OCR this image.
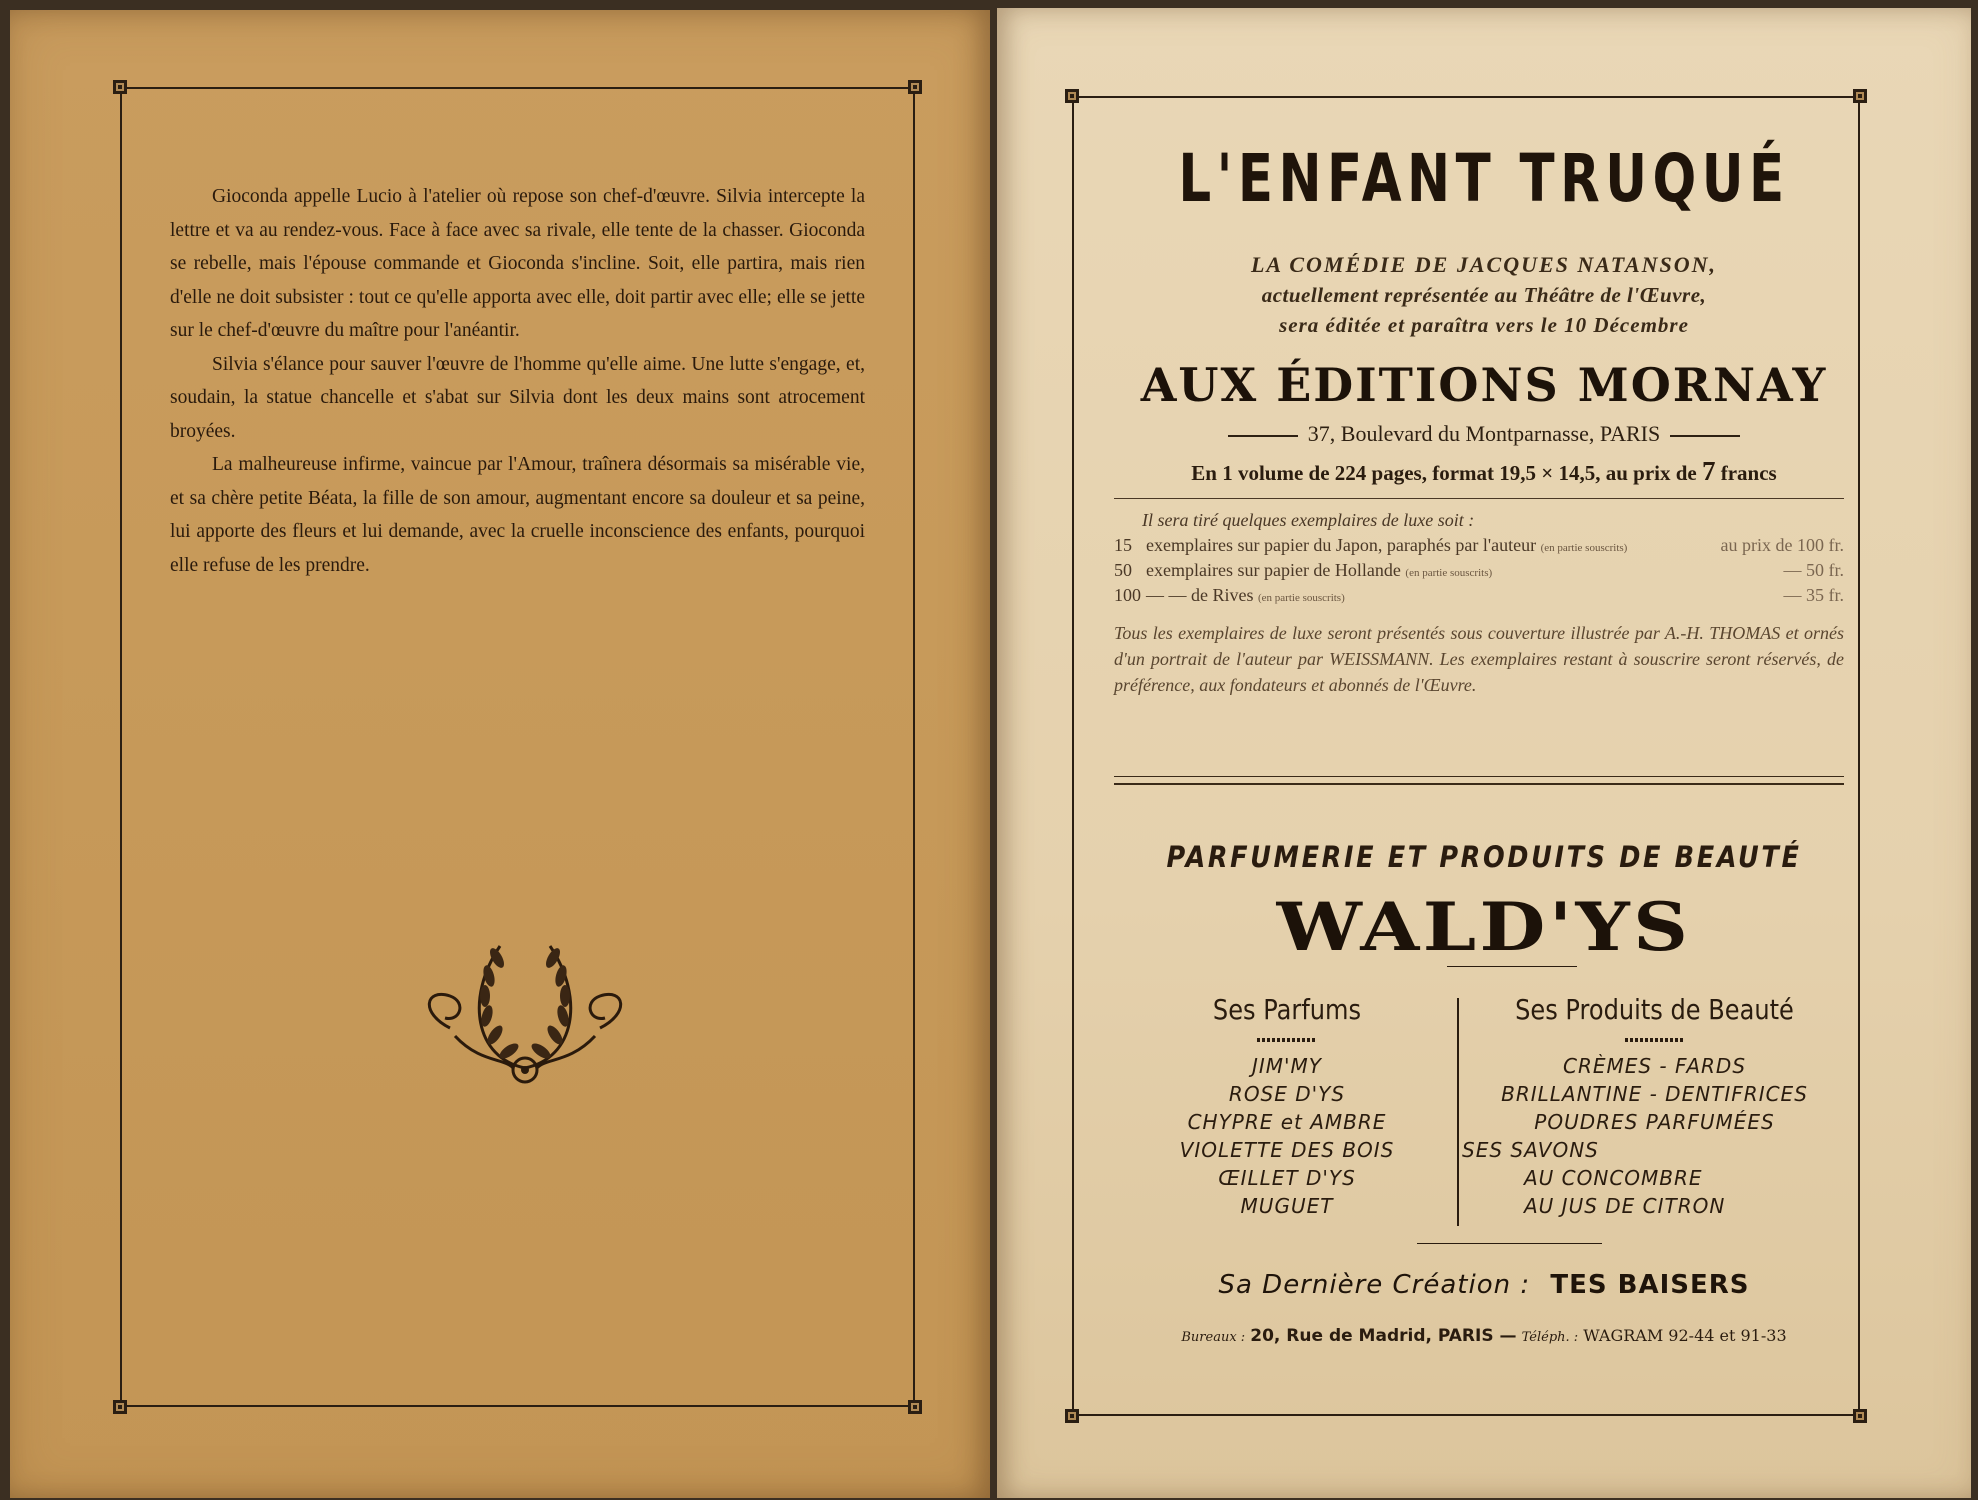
Gioconda appelle Lucio à l'atelier où repose son chef-d'œuvre. Silvia intercepte la lettre et va au rendez-vous. Face à face avec sa rivale, elle tente de la chasser. Gioconda se rebelle, mais l'épouse commande et Gioconda s'incline. Soit, elle partira, mais rien d'elle ne doit subsister : tout ce qu'elle apporta avec elle, doit partir avec elle; elle se jette sur le chef-d'œuvre du maître pour l'anéantir.

Silvia s'élance pour sauver l'œuvre de l'homme qu'elle aime. Une lutte s'engage, et, soudain, la statue chancelle et s'abat sur Silvia dont les deux mains sont atrocement broyées.

La malheureuse infirme, vaincue par l'Amour, traînera désormais sa misérable vie, et sa chère petite Béata, la fille de son amour, augmentant encore sa douleur et sa peine, lui apporte des fleurs et lui demande, avec la cruelle inconscience des enfants, pourquoi elle refuse de les prendre.

L'ENFANT TRUQUÉ
LA COMÉDIE DE JACQUES NATANSON,
actuellement représentée au Théâtre de l'Œuvre,
sera éditée et paraîtra vers le 10 Décembre
AUX ÉDITIONS MORNAY
37, Boulevard du Montparnasse, PARIS
En 1 volume de 224 pages, format 19,5 × 14,5, au prix de 7 francs
Il sera tiré quelques exemplaires de luxe soit :
15 exemplaires sur papier du Japon, paraphés par l'auteur (en partie souscrits)	au prix de 100 fr.
50 exemplaires sur papier de Hollande (en partie souscrits)	— 50 fr.
100 — — de Rives (en partie souscrits)	— 35 fr.
Tous les exemplaires de luxe seront présentés sous couverture illustrée par A.-H. THOMAS et ornés d'un portrait de l'auteur par WEISSMANN. Les exemplaires restant à souscrire seront réservés, de préférence, aux fondateurs et abonnés de l'Œuvre.
PARFUMERIE ET PRODUITS DE BEAUTÉ
WALD'YS
Ses Parfums
JIM'MY
ROSE D'YS
CHYPRE et AMBRE
VIOLETTE DES BOIS
ŒILLET D'YS
MUGUET
Ses Produits de Beauté
CRÈMES - FARDS
BRILLANTINE - DENTIFRICES
POUDRES PARFUMÉES
SES SAVONS
AU CONCOMBRE
AU JUS DE CITRON
Sa Dernière Création : TES BAISERS
Bureaux : 20, Rue de Madrid, PARIS — Téléph. : WAGRAM 92-44 et 91-33
